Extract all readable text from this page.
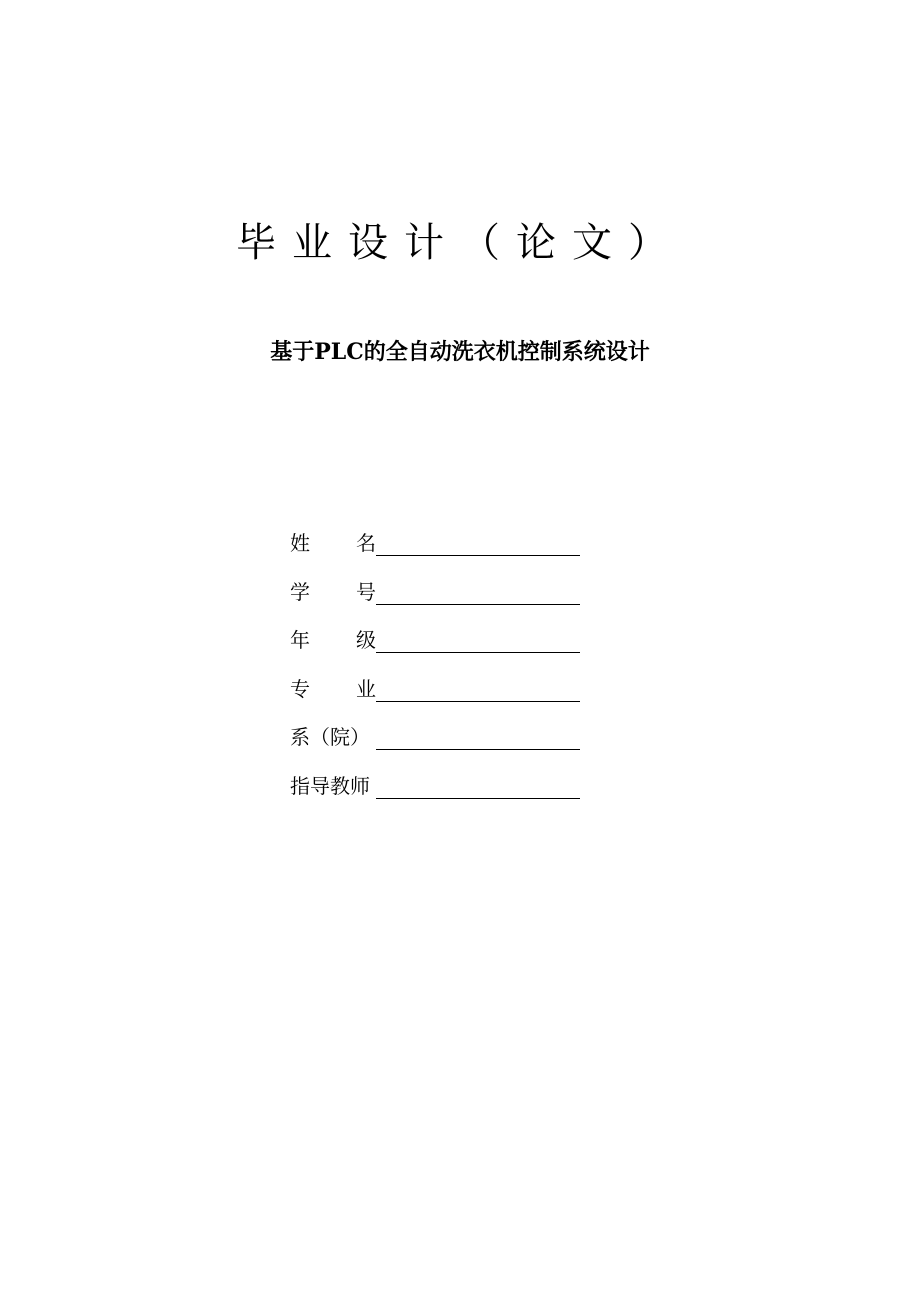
毕业设计（论文）
基于PLC的全自动洗衣机控制系统设计
姓 名
学 号
年 级
专 业
系（院）
指导教师
